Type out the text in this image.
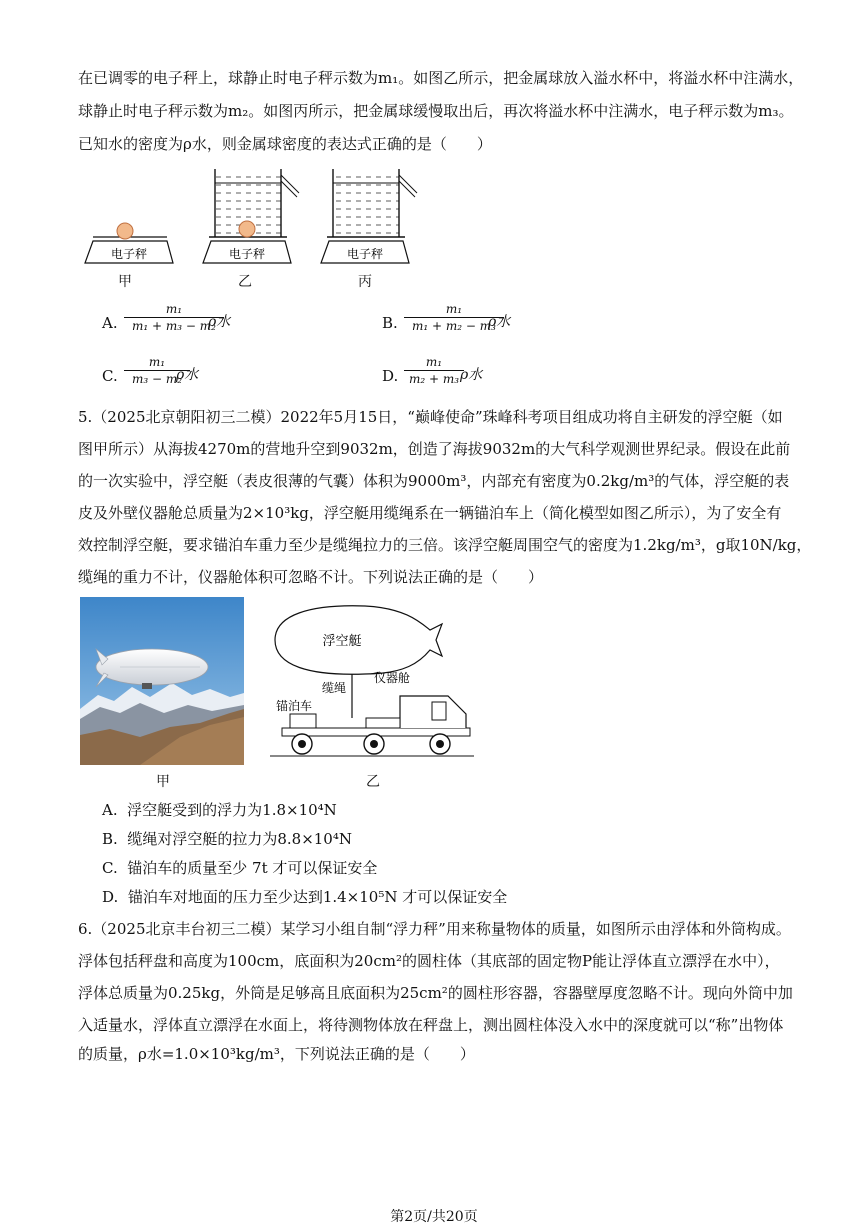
在已调零的电子秤上，球静止时电子秤示数为m₁。如图乙所示，把金属球放入溢水杯中，将溢水杯中注满水，
球静止时电子秤示数为m₂。如图丙所示，把金属球缓慢取出后，再次将溢水杯中注满水，电子秤示数为m₃。
已知水的密度为ρ水，则金属球密度的表达式正确的是（　　）
电子秤	电子秤	电子秤
甲	乙	丙
A. $\frac{\text{m₁}}{\text{m₁ + m₃ − m₂}}$
ρ水	B. $\frac{\text{m₁}}{\text{m₁ + m₂ − m₃}}$
ρ水
C. $\frac{\text{m₁}}{\text{m₃ − m₂}}$
ρ水	D. $\frac{\text{m₁}}{\text{m₂ + m₃}}$
ρ水
5.（2025北京朝阳初三二模）2022年5月15日，“巅峰使命”珠峰科考项目组成功将自主研发的浮空艇（如
图甲所示）从海拔4270m的营地升空到9032m，创造了海拔9032m的大气科学观测世界纪录。假设在此前
的一次实验中，浮空艇（表皮很薄的气囊）体积为9000m³，内部充有密度为0.2kg/m³的气体，浮空艇的表
皮及外壁仪器舱总质量为2×10³kg，浮空艇用缆绳系在一辆锚泊车上（简化模型如图乙所示），为了安全有
效控制浮空艇，要求锚泊车重力至少是缆绳拉力的三倍。该浮空艇周围空气的密度为1.2kg/m³，g取10N/kg，
缆绳的重力不计，仪器舱体积可忽略不计。下列说法正确的是（　　）
甲
浮空艇
缆绳
仪器舱
锚泊车
乙
A. 浮空艇受到的浮力为1.8×10⁴N
B. 缆绳对浮空艇的拉力为8.8×10⁴N
C. 锚泊车的质量至少 7t 才可以保证安全
D. 锚泊车对地面的压力至少达到1.4×10⁵N 才可以保证安全
6.（2025北京丰台初三二模）某学习小组自制“浮力秤”用来称量物体的质量，如图所示由浮体和外筒构成。
浮体包括秤盘和高度为100cm，底面积为20cm²的圆柱体（其底部的固定物P能让浮体直立漂浮在水中），
浮体总质量为0.25kg，外筒是足够高且底面积为25cm²的圆柱形容器，容器壁厚度忽略不计。现向外筒中加
入适量水，浮体直立漂浮在水面上，将待测物体放在秤盘上，测出圆柱体没入水中的深度就可以“称”出物体
的质量，ρ水=1.0×10³kg/m³，下列说法正确的是（　　）
第2页/共20页
